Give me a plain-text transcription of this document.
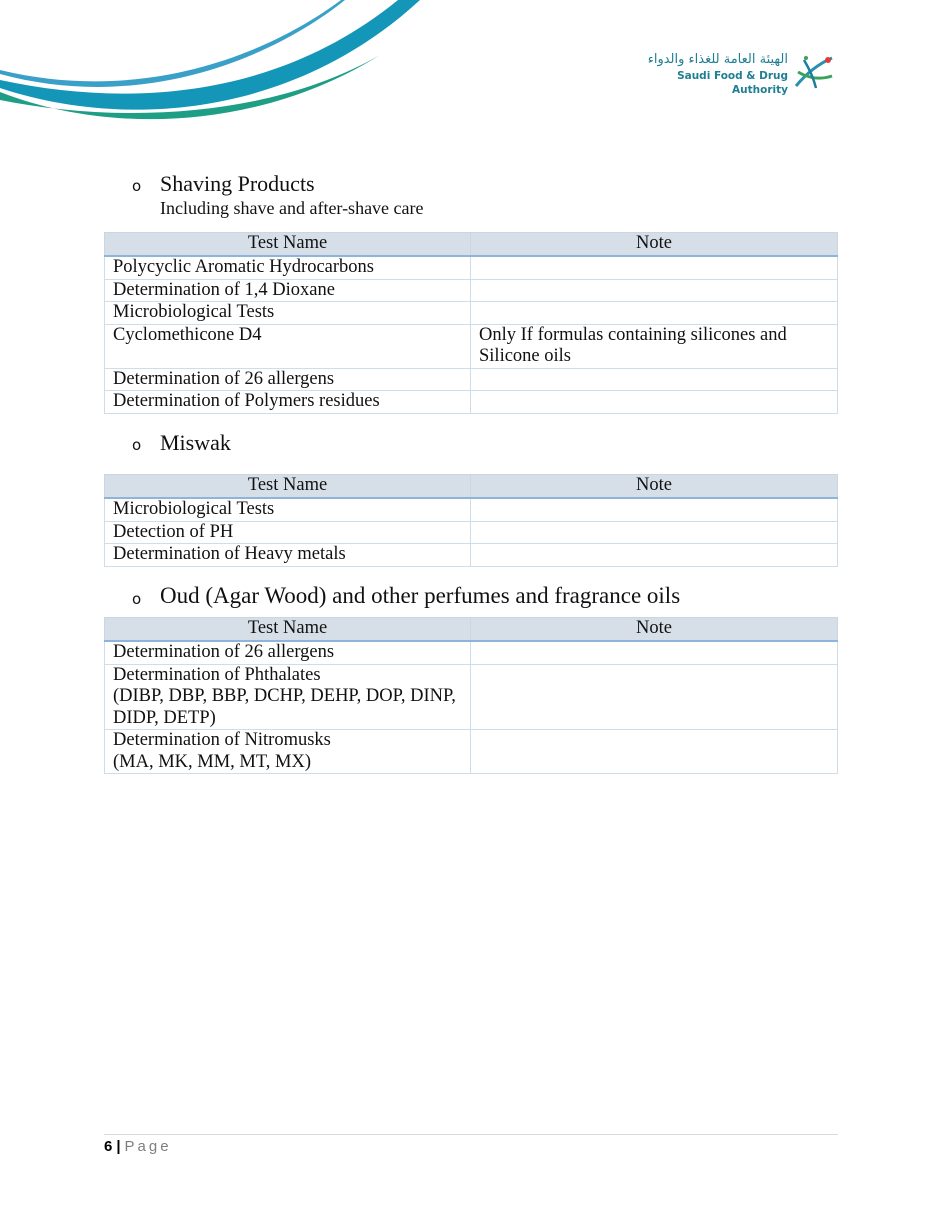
الهيئة العامة للغذاء والدواء
Saudi Food & Drug Authority
o Shaving Products
Including shave and after-shave care
Test Name	Note
Polycyclic Aromatic Hydrocarbons	
Determination of 1,4 Dioxane	
Microbiological Tests	
Cyclomethicone D4	Only If formulas containing silicones and Silicone oils
Determination of 26 allergens	
Determination of Polymers residues	
o Miswak
Test Name	Note
Microbiological Tests	
Detection of PH	
Determination of Heavy metals	
o Oud (Agar Wood) and other perfumes and fragrance oils
Test Name	Note
Determination of 26 allergens	

Determination of Phthalates
(DIBP, DBP, BBP, DCHP, DEHP, DOP, DINP, DIDP, DETP)	

Determination of Nitromusks
(MA, MK, MM, MT, MX)	

6 | Page
